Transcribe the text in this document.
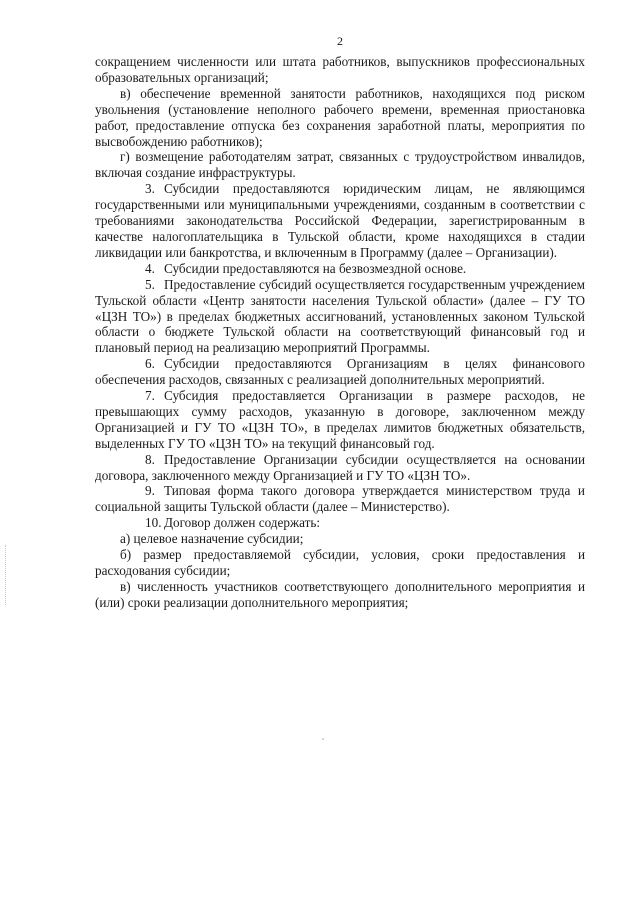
2

сокращением численности или штата работников, выпускников профессиональных образовательных организаций;

в) обеспечение временной занятости работников, находящихся под риском увольнения (установление неполного рабочего времени, временная приостановка работ, предоставление отпуска без сохранения заработной платы, мероприятия по высвобождению работников);

г) возмещение работодателям затрат, связанных с трудоустройством инвалидов, включая создание инфраструктуры.

3. Субсидии предоставляются юридическим лицам, не являющимся государственными или муниципальными учреждениями, созданным в соответствии с требованиями законодательства Российской Федерации, зарегистрированным в качестве налогоплательщика в Тульской области, кроме находящихся в стадии ликвидации или банкротства, и включенным в Программу (далее – Организации).

4. Субсидии предоставляются на безвозмездной основе.

5. Предоставление субсидий осуществляется государственным учреждением Тульской области «Центр занятости населения Тульской области» (далее – ГУ ТО «ЦЗН ТО») в пределах бюджетных ассигнований, установленных законом Тульской области о бюджете Тульской области на соответствующий финансовый год и плановый период на реализацию мероприятий Программы.

6. Субсидии предоставляются Организациям в целях финансового обеспечения расходов, связанных с реализацией дополнительных мероприятий.

7. Субсидия предоставляется Организации в размере расходов, не превышающих сумму расходов, указанную в договоре, заключенном между Организацией и ГУ ТО «ЦЗН ТО», в пределах лимитов бюджетных обязательств, выделенных ГУ ТО «ЦЗН ТО» на текущий финансовый год.

8. Предоставление Организации субсидии осуществляется на основании договора, заключенного между Организацией и ГУ ТО «ЦЗН ТО».

9. Типовая форма такого договора утверждается министерством труда и социальной защиты Тульской области (далее – Министерство).

10. Договор должен содержать:

а) целевое назначение субсидии;

б) размер предоставляемой субсидии, условия, сроки предоставления и расходования субсидии;

в) численность участников соответствующего дополнительного мероприятия и (или) сроки реализации дополнительного мероприятия;
